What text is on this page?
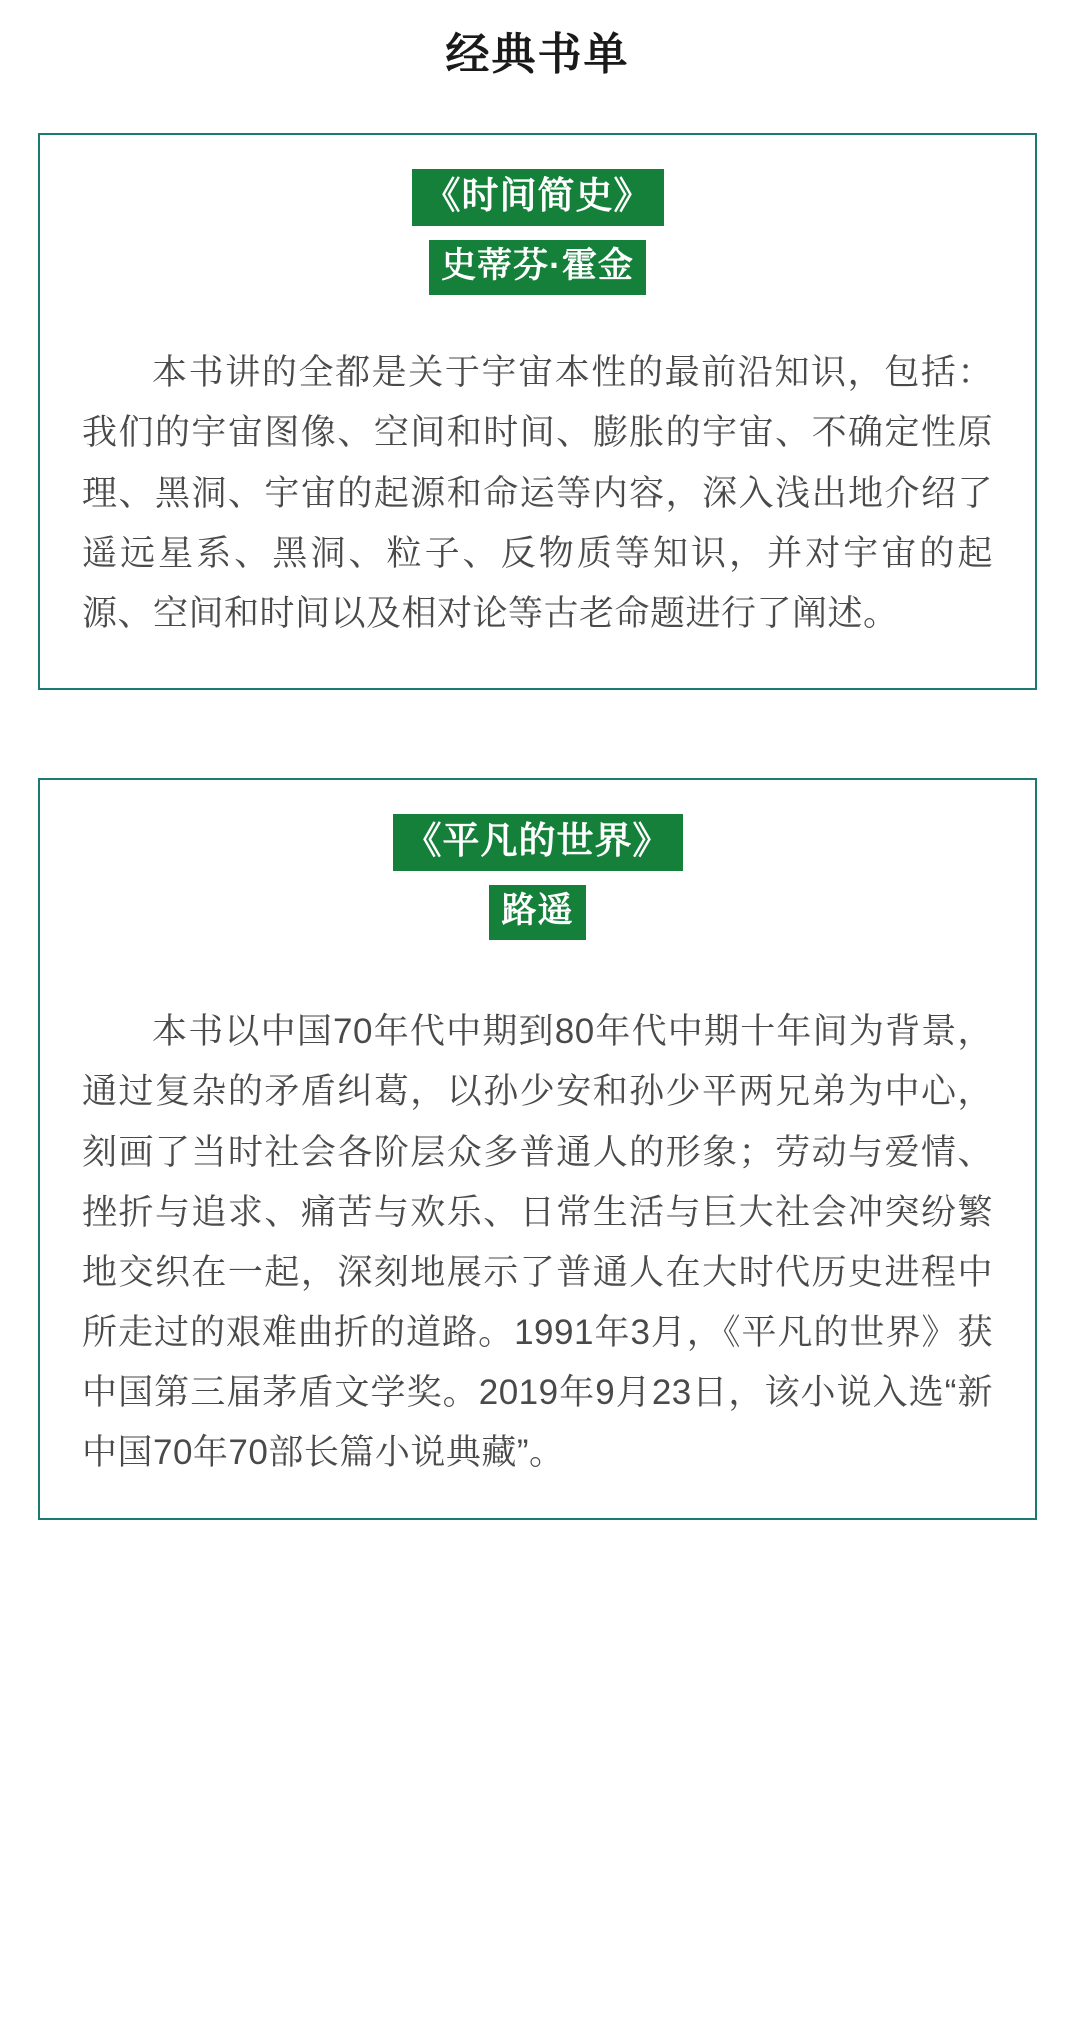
经典书单
《时间简史》
史蒂芬·霍金

本书讲的全都是关于宇宙本性的最前沿知识，包括：我们的宇宙图像、空间和时间、膨胀的宇宙、不确定性原理、黑洞、宇宙的起源和命运等内容，深入浅出地介绍了遥远星系、黑洞、粒子、反物质等知识，并对宇宙的起源、空间和时间以及相对论等古老命题进行了阐述。

《平凡的世界》
路遥

本书以中国70年代中期到80年代中期十年间为背景，通过复杂的矛盾纠葛，以孙少安和孙少平两兄弟为中心，刻画了当时社会各阶层众多普通人的形象；劳动与爱情、挫折与追求、痛苦与欢乐、日常生活与巨大社会冲突纷繁地交织在一起，深刻地展示了普通人在大时代历史进程中所走过的艰难曲折的道路。1991年3月，《平凡的世界》获中国第三届茅盾文学奖。2019年9月23日，该小说入选“新中国70年70部长篇小说典藏”。
